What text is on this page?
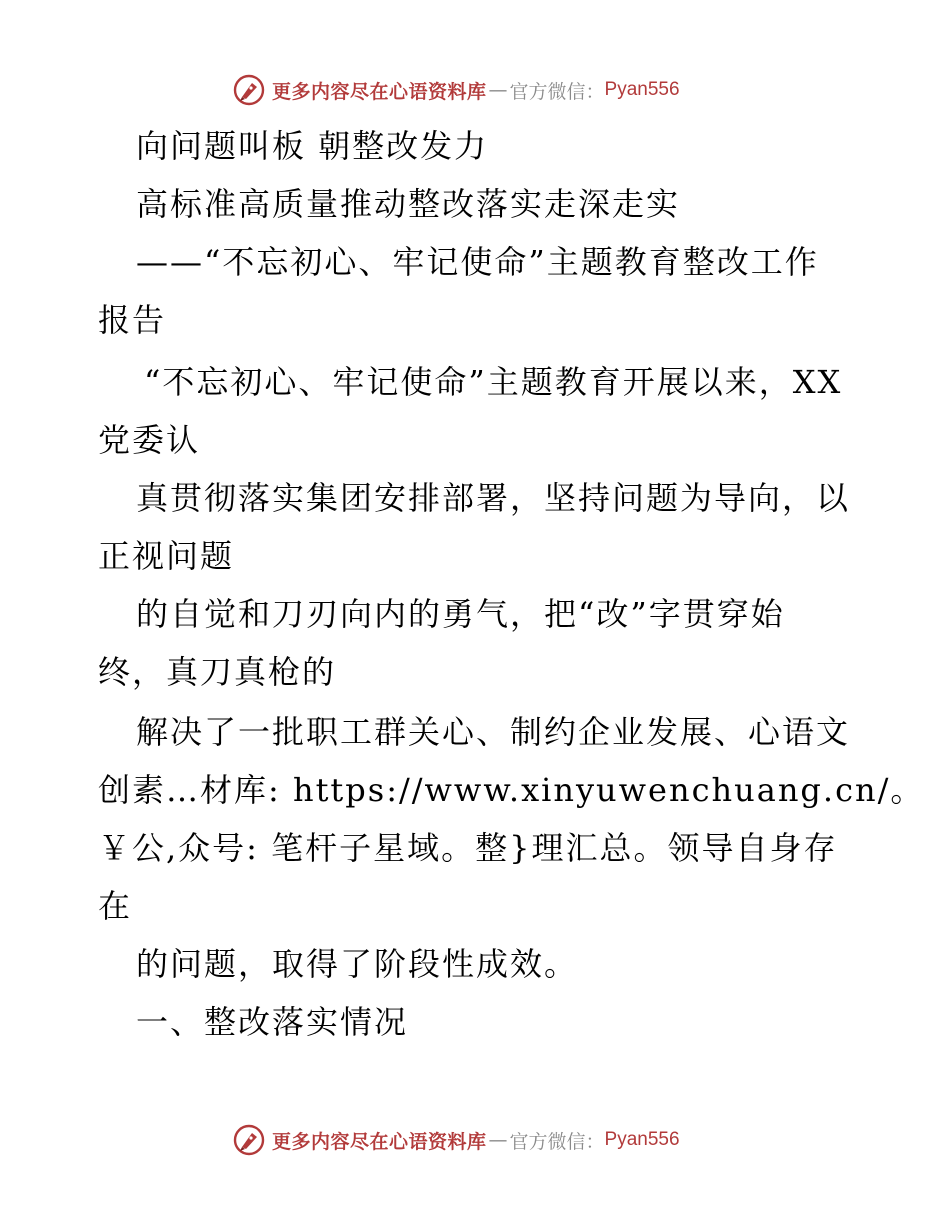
更多内容尽在心语资料库 — 官方微信： Pyan556
向问题叫板 朝整改发力
高标准高质量推动整改落实走深走实
——“不忘初心、牢记使命”主题教育整改工作
报告
“不忘初心、牢记使命”主题教育开展以来，XX
党委认
真贯彻落实集团安排部署，坚持问题为导向，以
正视问题
的自觉和刀刃向内的勇气，把“改”字贯穿始
终，真刀真枪的
解决了一批职工群关心、制约企业发展、心语文
创素…材库: https://www.xinyuwenchuang.cn/。
￥公,众号: 笔杆子星域。整}理汇总。领导自身存
在
的问题，取得了阶段性成效。
一、整改落实情况
更多内容尽在心语资料库 — 官方微信： Pyan556
